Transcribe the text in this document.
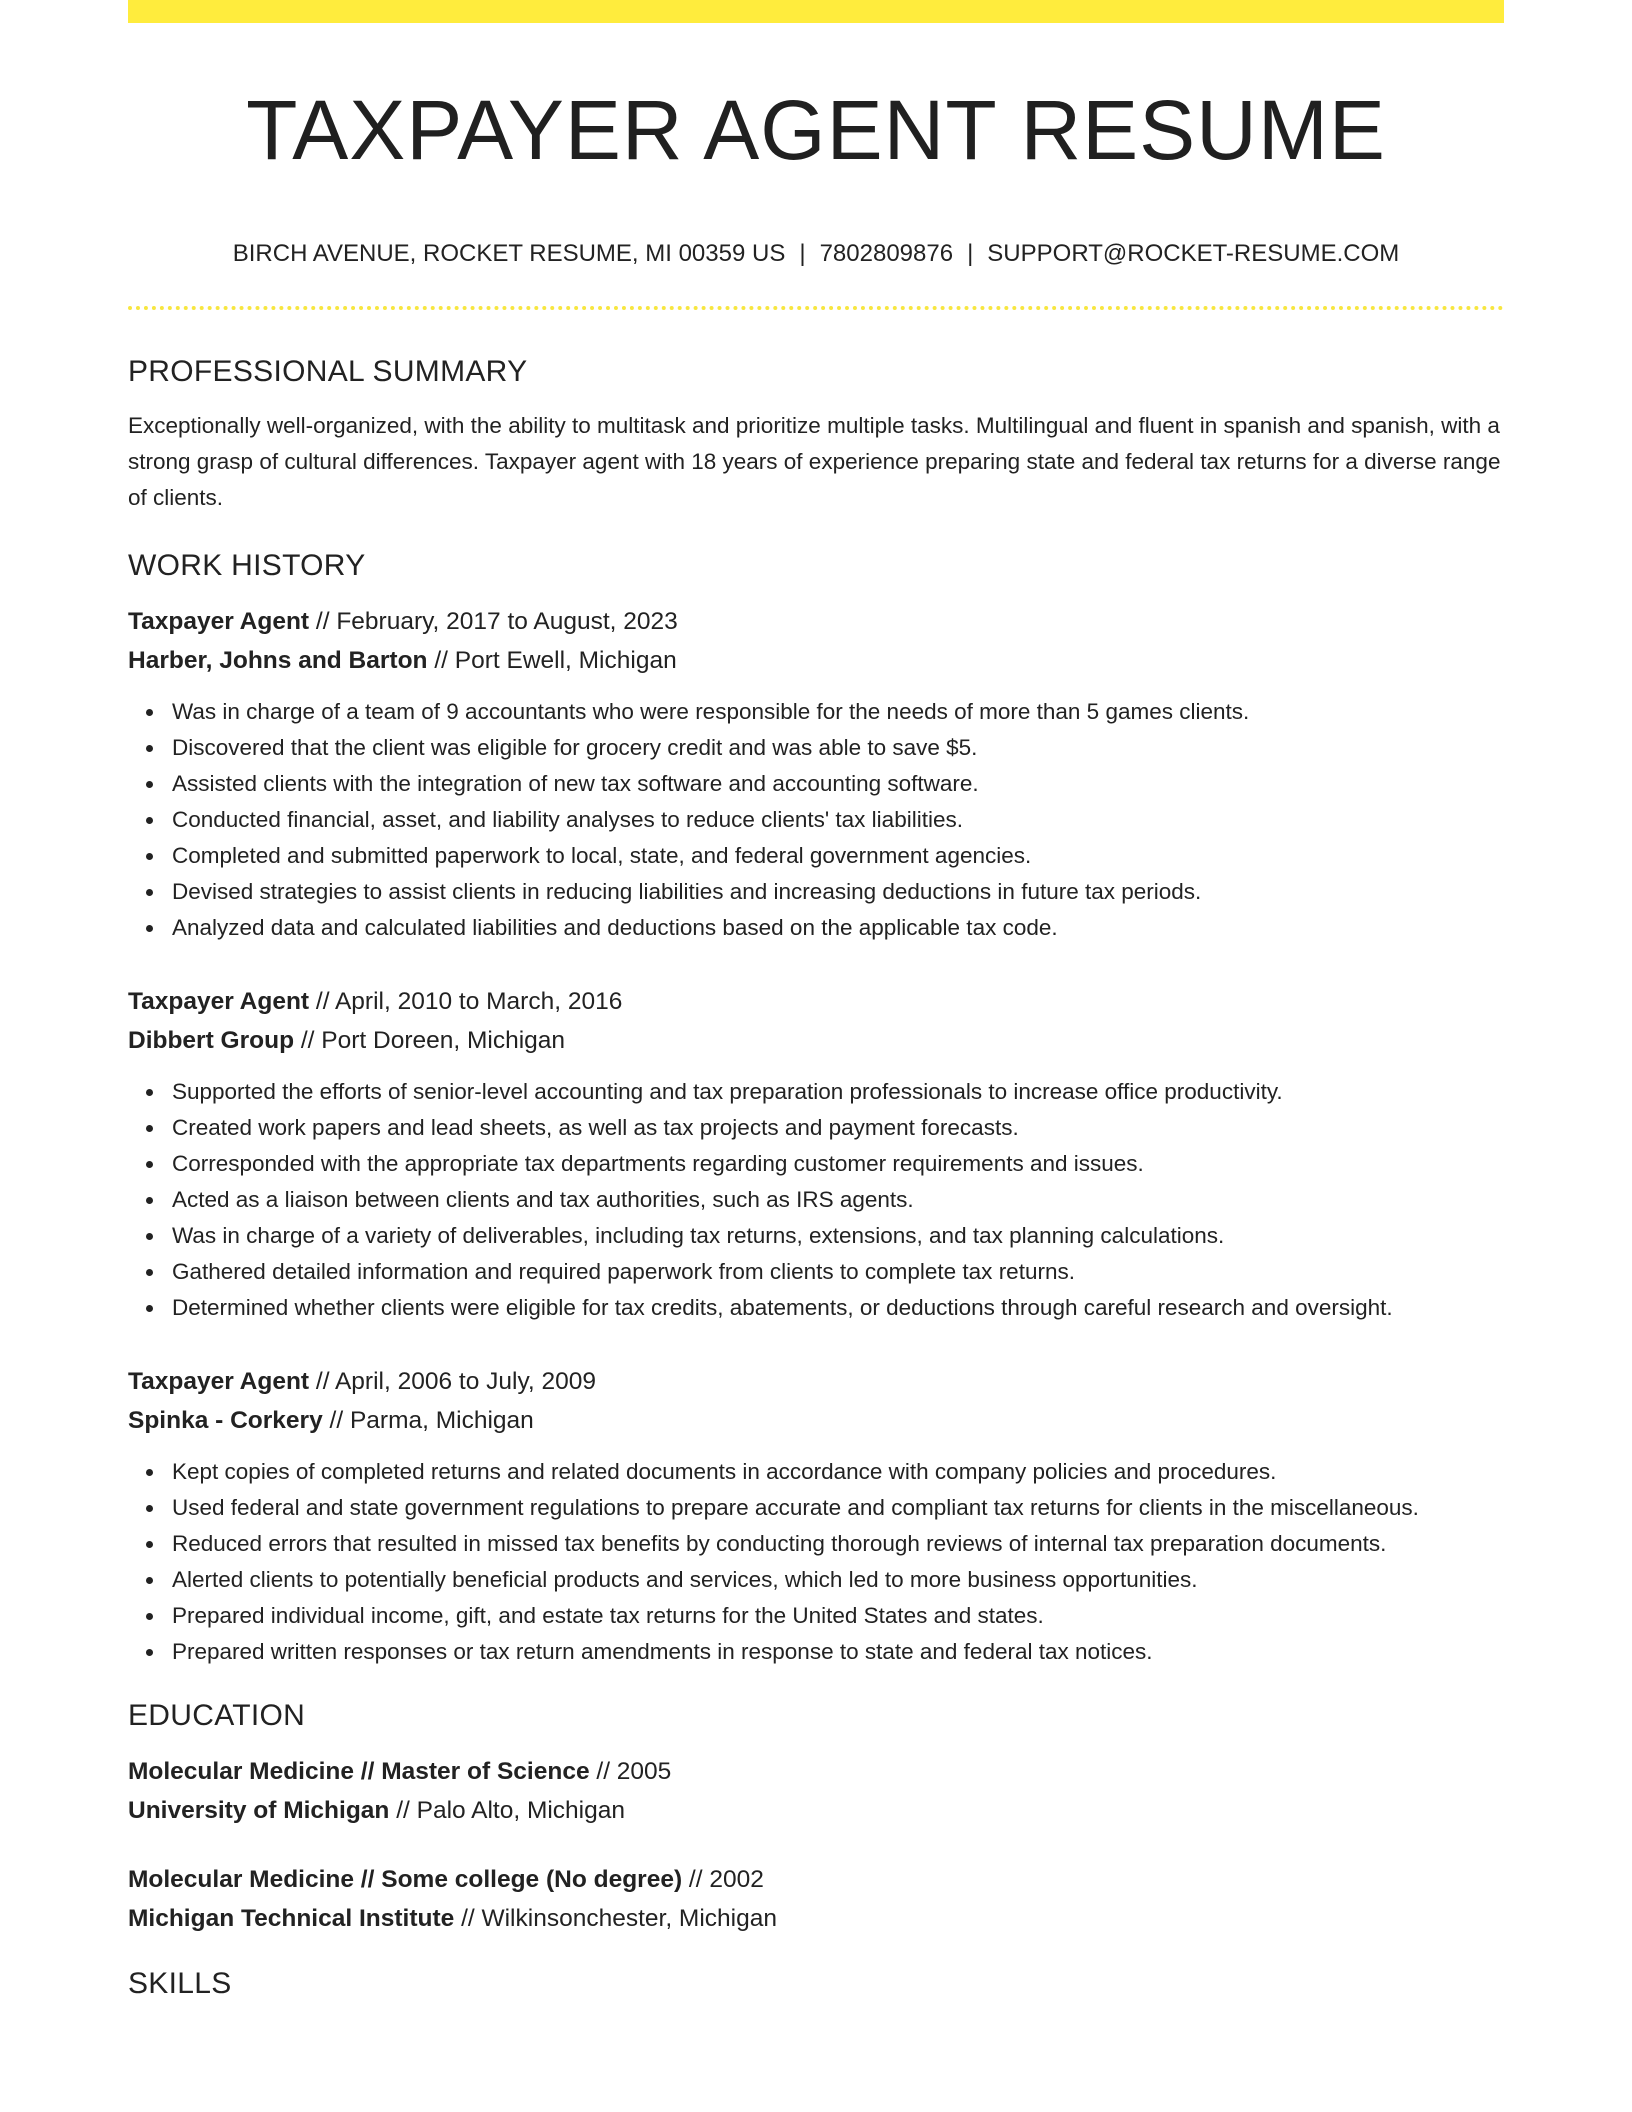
TAXPAYER AGENT RESUME
BIRCH AVENUE, ROCKET RESUME, MI 00359 US | 7802809876 | SUPPORT@ROCKET-RESUME.COM
PROFESSIONAL SUMMARY

Exceptionally well-organized, with the ability to multitask and prioritize multiple tasks. Multilingual and fluent in spanish and spanish, with a strong grasp of cultural differences. Taxpayer agent with 18 years of experience preparing state and federal tax returns for a diverse range of clients.

WORK HISTORY
Taxpayer Agent // February, 2017 to August, 2023
Harber, Johns and Barton // Port Ewell, Michigan
Was in charge of a team of 9 accountants who were responsible for the needs of more than 5 games clients.
Discovered that the client was eligible for grocery credit and was able to save $5.
Assisted clients with the integration of new tax software and accounting software.
Conducted financial, asset, and liability analyses to reduce clients' tax liabilities.
Completed and submitted paperwork to local, state, and federal government agencies.
Devised strategies to assist clients in reducing liabilities and increasing deductions in future tax periods.
Analyzed data and calculated liabilities and deductions based on the applicable tax code.
Taxpayer Agent // April, 2010 to March, 2016
Dibbert Group // Port Doreen, Michigan
Supported the efforts of senior-level accounting and tax preparation professionals to increase office productivity.
Created work papers and lead sheets, as well as tax projects and payment forecasts.
Corresponded with the appropriate tax departments regarding customer requirements and issues.
Acted as a liaison between clients and tax authorities, such as IRS agents.
Was in charge of a variety of deliverables, including tax returns, extensions, and tax planning calculations.
Gathered detailed information and required paperwork from clients to complete tax returns.
Determined whether clients were eligible for tax credits, abatements, or deductions through careful research and oversight.
Taxpayer Agent // April, 2006 to July, 2009
Spinka - Corkery // Parma, Michigan
Kept copies of completed returns and related documents in accordance with company policies and procedures.
Used federal and state government regulations to prepare accurate and compliant tax returns for clients in the miscellaneous.
Reduced errors that resulted in missed tax benefits by conducting thorough reviews of internal tax preparation documents.
Alerted clients to potentially beneficial products and services, which led to more business opportunities.
Prepared individual income, gift, and estate tax returns for the United States and states.
Prepared written responses or tax return amendments in response to state and federal tax notices.
EDUCATION
Molecular Medicine // Master of Science // 2005
University of Michigan // Palo Alto, Michigan
Molecular Medicine // Some college (No degree) // 2002
Michigan Technical Institute // Wilkinsonchester, Michigan
SKILLS
